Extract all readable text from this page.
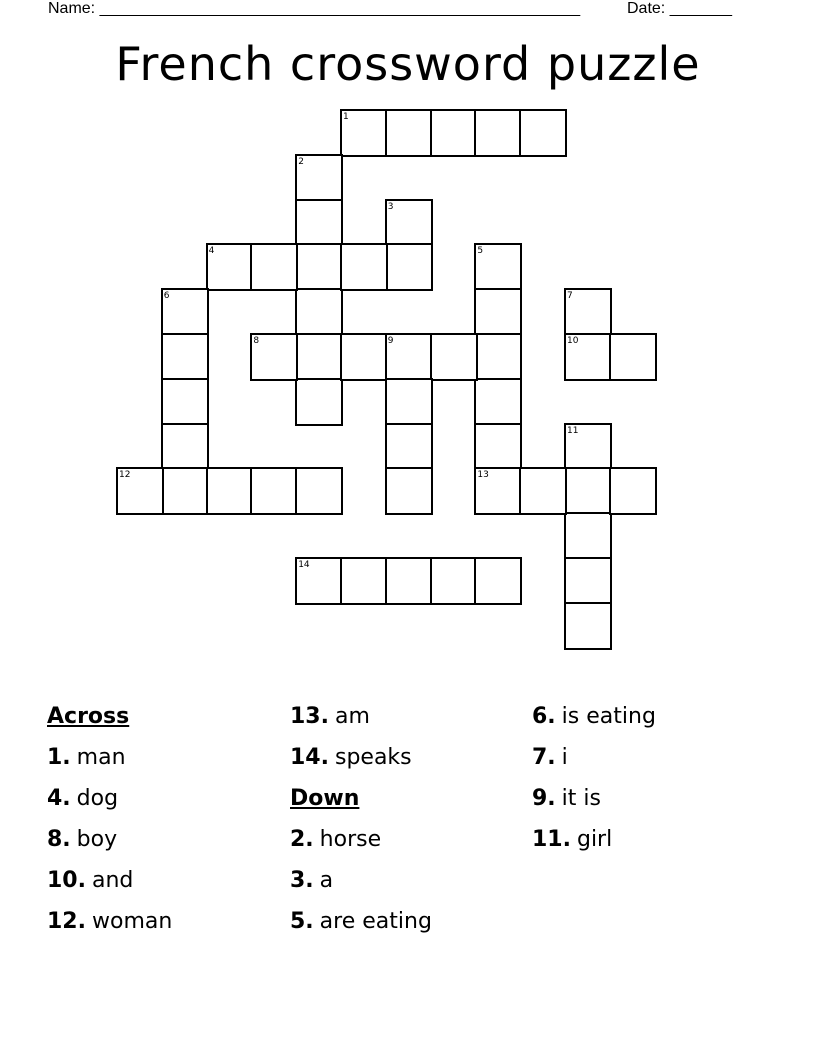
Name: ______________________________________________________	Date: _______
French crossword puzzle
1
2
3
4	5
13
6	7
10
8	9
11
12
14
Across
1. man
4. dog
8. boy
10. and
12. woman
13. am
14. speaks
Down
2. horse
3. a
5. are eating
6. is eating
7. i
9. it is
11. girl
